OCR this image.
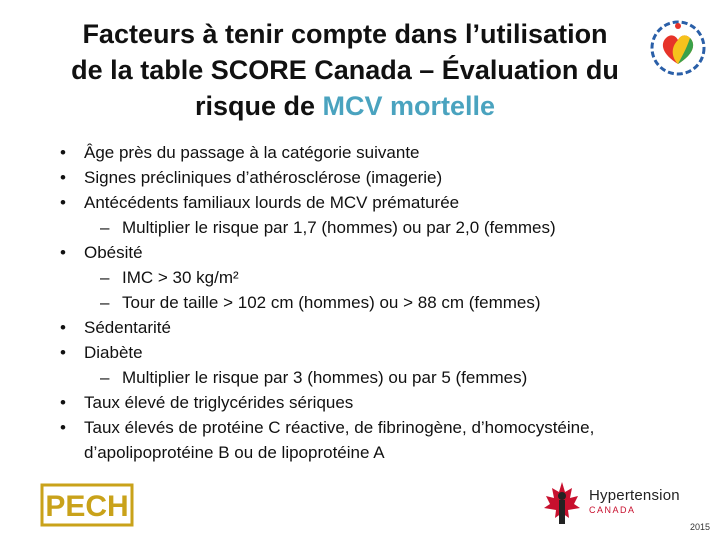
Facteurs à tenir compte dans l’utilisation
de la table SCORE Canada – Évaluation du
risque de MCV mortelle
• Âge près du passage à la catégorie suivante
• Signes précliniques d’athérosclérose (imagerie)
• Antécédents familiaux lourds de MCV prématurée
– Multiplier le risque par 1,7 (hommes) ou par 2,0 (femmes)
• Obésité
– IMC > 30 kg/m²
– Tour de taille > 102 cm (hommes) ou > 88 cm (femmes)
• Sédentarité
• Diabète
– Multiplier le risque par 3 (hommes) ou par 5 (femmes)
• Taux élevé de triglycérides sériques
• Taux élevés de protéine C réactive, de fibrinogène, d’homocystéine, d’apolipoprotéine B ou de lipoprotéine A
PECH	Hypertension
CANADA
2015
